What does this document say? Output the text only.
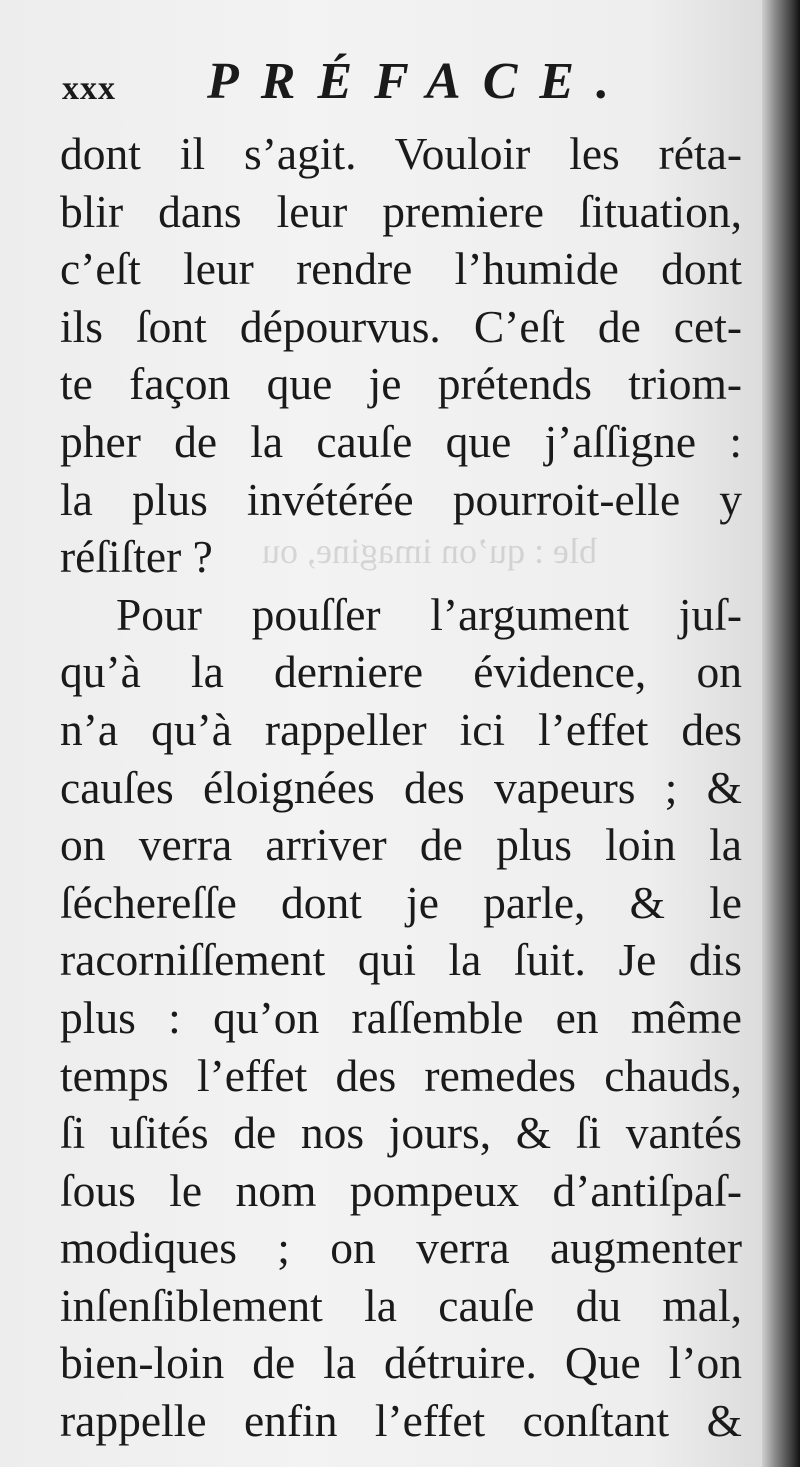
ble : qu’on imagine, ou
xxx PRÉFACE.
dont il s’agit. Vouloir les réta-
blir dans leur premiere ſituation,
c’eſt leur rendre l’humide dont
ils ſont dépourvus. C’eſt de cet-
te façon que je prétends triom-
pher de la cauſe que j’aſſigne :
la plus invétérée pourroit-elle y
réſiſter ?
Pour pouſſer l’argument juſ-
qu’à la derniere évidence, on
n’a qu’à rappeller ici l’effet des
cauſes éloignées des vapeurs ; &
on verra arriver de plus loin la
ſécherеſſe dont je parle, & le
racorniſſement qui la ſuit. Je dis
plus : qu’on raſſemble en même
temps l’effet des remedes chauds,
ſi uſités de nos jours, & ſi vantés
ſous le nom pompeux d’antiſpaſ-
modiques ; on verra augmenter
inſenſiblement la cauſe du mal,
bien-loin de la détruire. Que l’on
rappelle enfin l’effet conſtant &
